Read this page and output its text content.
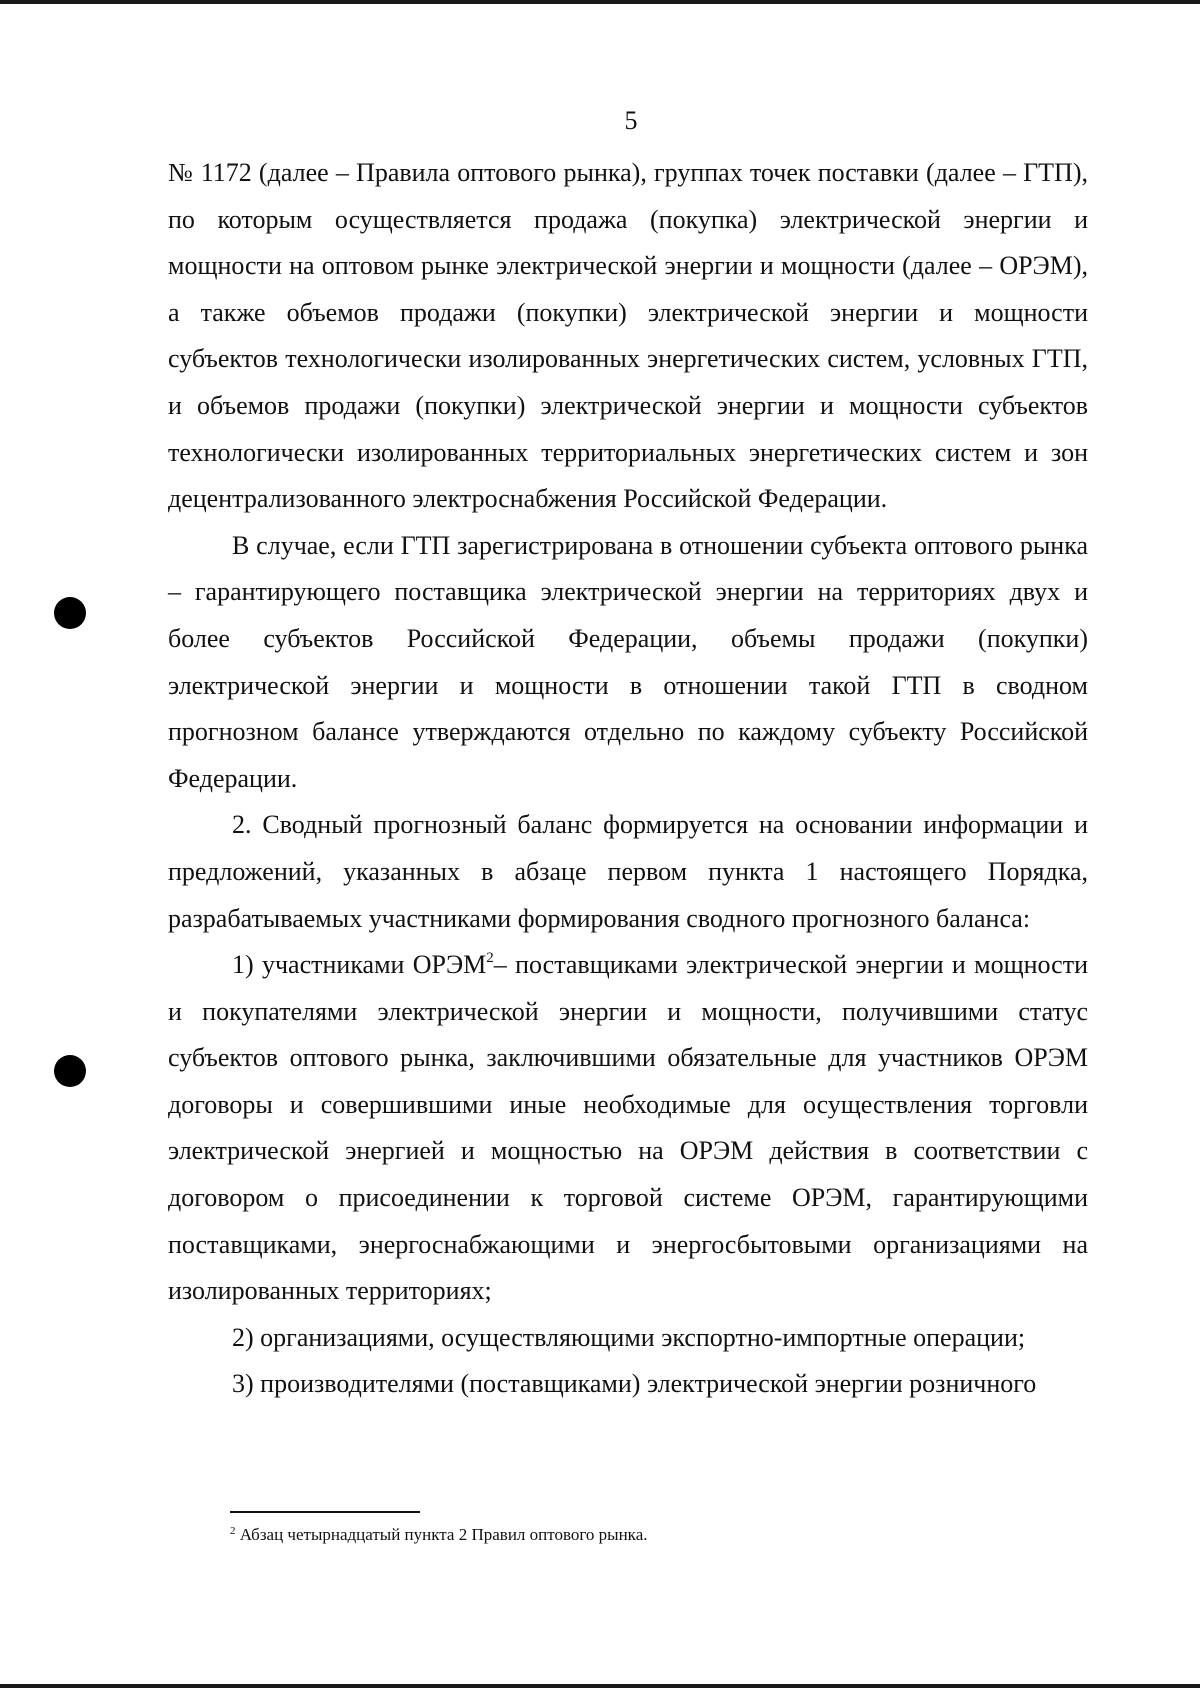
5

№ 1172 (далее – Правила оптового рынка), группах точек поставки (далее – ГТП), по которым осуществляется продажа (покупка) электрической энергии и мощности на оптовом рынке электрической энергии и мощности (далее – ОРЭМ), а также объемов продажи (покупки) электрической энергии и мощности субъектов технологически изолированных энергетических систем, условных ГТП, и объемов продажи (покупки) электрической энергии и мощности субъектов технологически изолированных территориальных энергетических систем и зон децентрализованного электроснабжения Российской Федерации.

В случае, если ГТП зарегистрирована в отношении субъекта оптового рынка – гарантирующего поставщика электрической энергии на территориях двух и более субъектов Российской Федерации, объемы продажи (покупки) электрической энергии и мощности в отношении такой ГТП в сводном прогнозном балансе утверждаются отдельно по каждому субъекту Российской Федерации.

2. Сводный прогнозный баланс формируется на основании информации и предложений, указанных в абзаце первом пункта 1 настоящего Порядка, разрабатываемых участниками формирования сводного прогнозного баланса:

1) участниками ОРЭМ$^2$– поставщиками электрической энергии и мощности и покупателями электрической энергии и мощности, получившими статус субъектов оптового рынка, заключившими обязательные для участников ОРЭМ договоры и совершившими иные необходимые для осуществления торговли электрической энергией и мощностью на ОРЭМ действия в соответствии с договором о присоединении к торговой системе ОРЭМ, гарантирующими поставщиками, энергоснабжающими и энергосбытовыми организациями на изолированных территориях;

2) организациями, осуществляющими экспортно-импортные операции;

3) производителями (поставщиками) электрической энергии розничного

$^2$ Абзац четырнадцатый пункта 2 Правил оптового рынка.
